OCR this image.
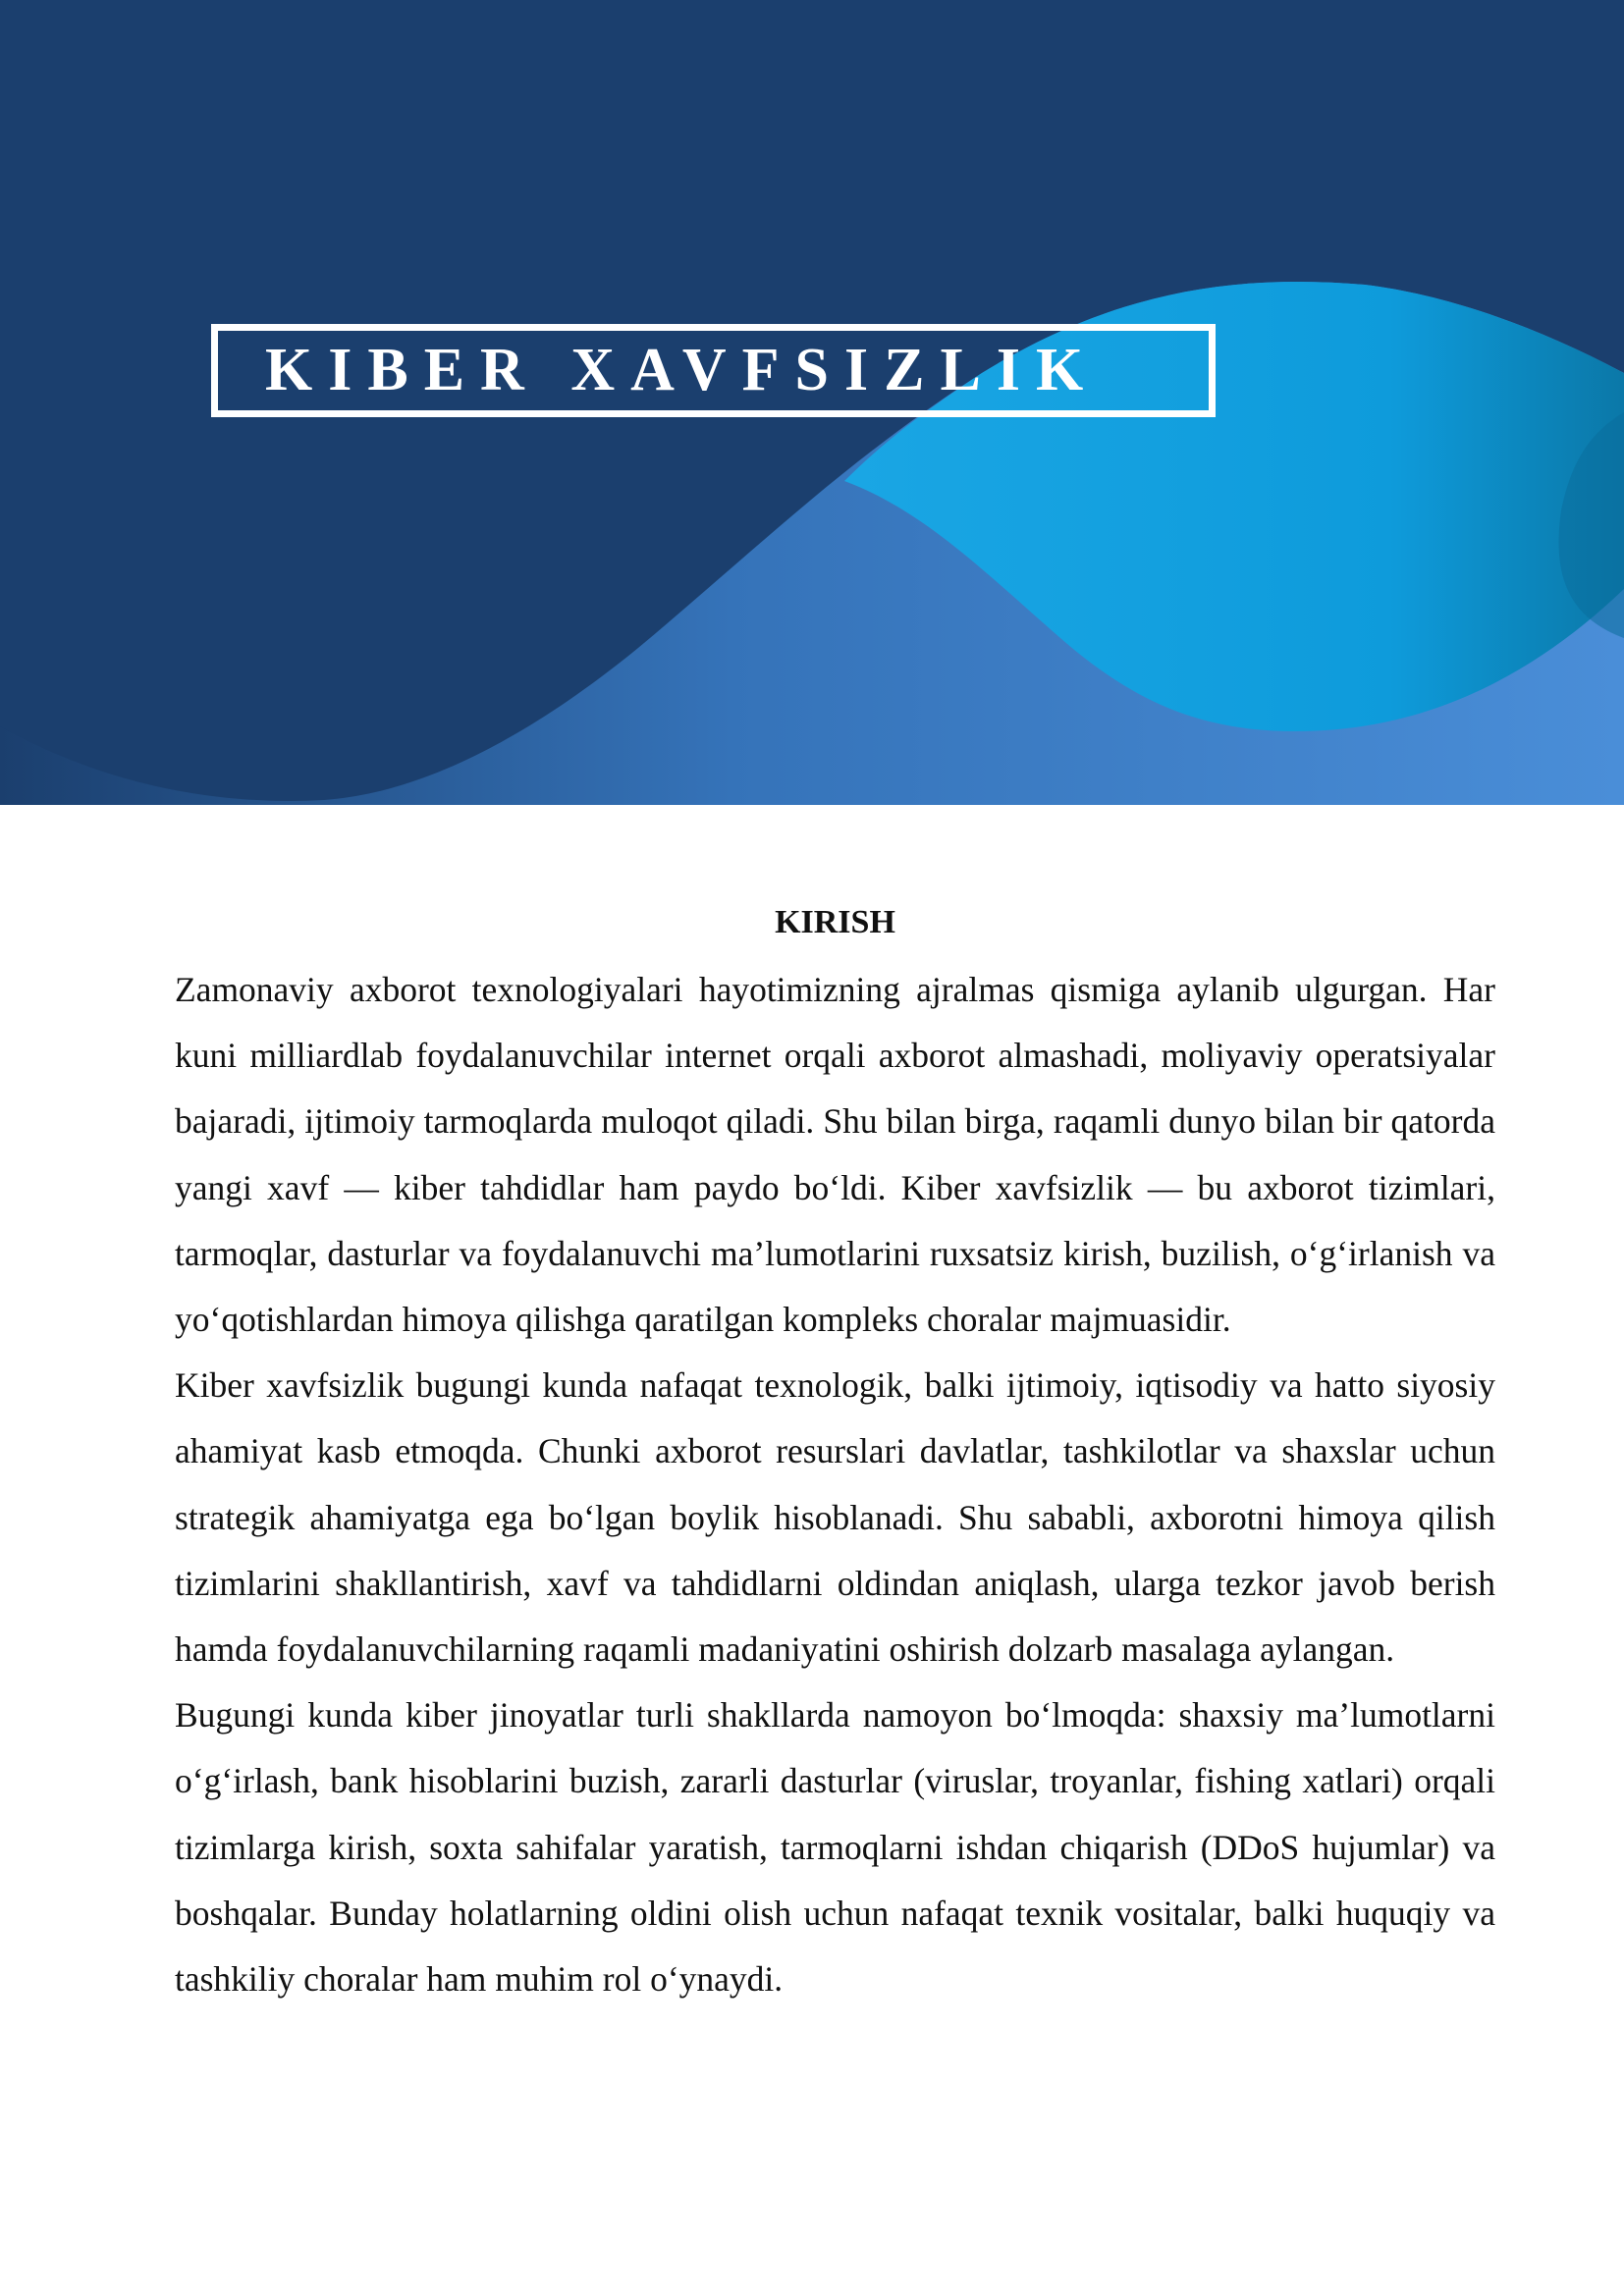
KIBER XAVFSIZLIK
KIRISH

Zamonaviy axborot texnologiyalari hayotimizning ajralmas qismiga aylanib ulgurgan. Har kuni milliardlab foydalanuvchilar internet orqali axborot almashadi, moliyaviy operatsiyalar bajaradi, ijtimoiy tarmoqlarda muloqot qiladi. Shu bilan birga, raqamli dunyo bilan bir qatorda yangi xavf — kiber tahdidlar ham paydo bo‘ldi. Kiber xavfsizlik — bu axborot tizimlari, tarmoqlar, dasturlar va foydalanuvchi ma’lumotlarini ruxsatsiz kirish, buzilish, o‘g‘irlanish va yo‘qotishlardan himoya qilishga qaratilgan kompleks choralar majmuasidir.

Kiber xavfsizlik bugungi kunda nafaqat texnologik, balki ijtimoiy, iqtisodiy va hatto siyosiy ahamiyat kasb etmoqda. Chunki axborot resurslari davlatlar, tashkilotlar va shaxslar uchun strategik ahamiyatga ega bo‘lgan boylik hisoblanadi. Shu sababli, axborotni himoya qilish tizimlarini shakllantirish, xavf va tahdidlarni oldindan aniqlash, ularga tezkor javob berish hamda foydalanuvchilarning raqamli madaniyatini oshirish dolzarb masalaga aylangan.

Bugungi kunda kiber jinoyatlar turli shakllarda namoyon bo‘lmoqda: shaxsiy ma’lumotlarni o‘g‘irlash, bank hisoblarini buzish, zararli dasturlar (viruslar, troyanlar, fishing xatlari) orqali tizimlarga kirish, soxta sahifalar yaratish, tarmoqlarni ishdan chiqarish (DDoS hujumlar) va boshqalar. Bunday holatlarning oldini olish uchun nafaqat texnik vositalar, balki huquqiy va tashkiliy choralar ham muhim rol o‘ynaydi.
